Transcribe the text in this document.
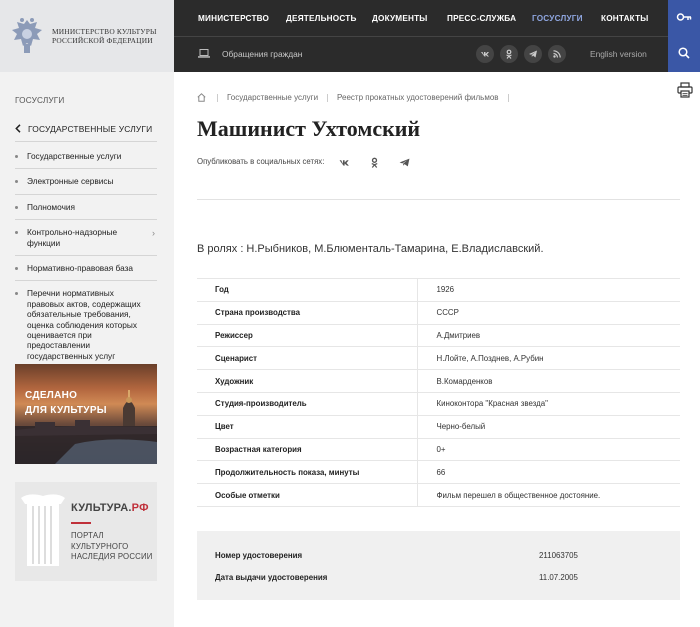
МИНИСТЕРСТВО КУЛЬТУРЫ
РОССИЙСКОЙ ФЕДЕРАЦИИ
МИНИСТЕРСТВО ДЕЯТЕЛЬНОСТЬ ДОКУМЕНТЫ ПРЕСС-СЛУЖБА ГОСУСЛУГИ КОНТАКТЫ
Обращения граждан	English version
ГОСУСЛУГИ
ГОСУДАРСТВЕННЫЕ УСЛУГИ
Государственные услуги
Электронные сервисы
Полномочия
Контрольно-надзорные функции
›
Нормативно-правовая база
Перечни нормативных правовых актов, содержащих обязательные требования, оценка соблюдения которых оценивается при предоставлении государственных услуг
СДЕЛАНО
ДЛЯ КУЛЬТУРЫ
КУЛЬТУРА.РФ
ПОРТАЛ
КУЛЬТУРНОГО
НАСЛЕДИЯ РОССИИ
Государственные услуги Реестр прокатных удостоверений фильмов
Машинист Ухтомский
Опубликовать в социальных сетях:

В ролях : Н.Рыбников, М.Блюменталь-Тамарина, Е.Владиславский.

Год	1926
Страна производства	СССР
Режиссер	А.Дмитриев
Сценарист	Н.Лойте, А.Позднев, А.Рубин
Художник	В.Комарденков
Студия-производитель	Киноконтора "Красная звезда"
Цвет	Черно-белый
Возрастная категория	0+
Продолжительность показа, минуты	66
Особые отметки	Фильм перешел в общественное достояние.
Номер удостоверения	211063705
Дата выдачи удостоверения	11.07.2005
